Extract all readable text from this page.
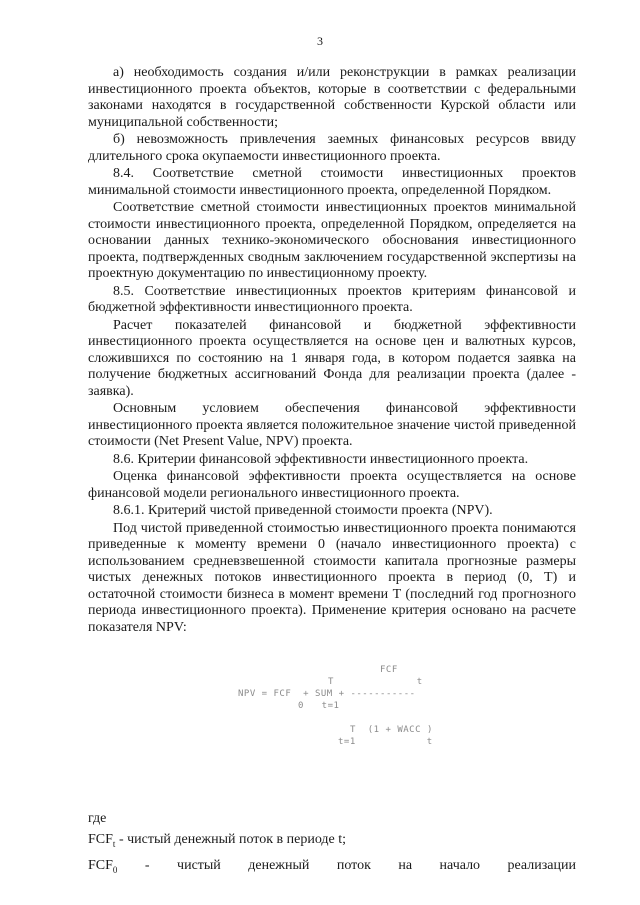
3

а) необходимость создания и/или реконструкции в рамках реализации инвестиционного проекта объектов, которые в соответствии с федеральными законами находятся в государственной собственности Курской области или муниципальной собственности;

б) невозможность привлечения заемных финансовых ресурсов ввиду длительного срока окупаемости инвестиционного проекта.

8.4. Соответствие сметной стоимости инвестиционных проектов минимальной стоимости инвестиционного проекта, определенной Порядком.

Соответствие сметной стоимости инвестиционных проектов минимальной стоимости инвестиционного проекта, определенной Порядком, определяется на основании данных технико-экономического обоснования инвестиционного проекта, подтвержденных сводным заключением государственной экспертизы на проектную документацию по инвестиционному проекту.

8.5. Соответствие инвестиционных проектов критериям финансовой и бюджетной эффективности инвестиционного проекта.

Расчет показателей финансовой и бюджетной эффективности инвестиционного проекта осуществляется на основе цен и валютных курсов, сложившихся по состоянию на 1 января года, в котором подается заявка на получение бюджетных ассигнований Фонда для реализации проекта (далее - заявка).

Основным условием обеспечения финансовой эффективности инвестиционного проекта является положительное значение чистой приведенной стоимости (Net Present Value, NPV) проекта.

8.6. Критерии финансовой эффективности инвестиционного проекта.

Оценка финансовой эффективности проекта осуществляется на основе финансовой модели регионального инвестиционного проекта.

8.6.1. Критерий чистой приведенной стоимости проекта (NPV).

Под чистой приведенной стоимостью инвестиционного проекта понимаются приведенные к моменту времени 0 (начало инвестиционного проекта) с использованием средневзвешенной стоимости капитала прогнозные размеры чистых денежных потоков инвестиционного проекта в период (0, T) и остаточной стоимости бизнеса в момент времени T (последний год прогнозного периода инвестиционного проекта). Применение критерия основано на расчете показателя NPV:

FCF
T              t
NPV = FCF  + SUM + -----------
0   t=1
T  (1 + WACC )
t=1            t

где

$FCF_t$ - чистый денежный поток в периоде t;

$FCF_0$ - чистый денежный поток на начало реализации
